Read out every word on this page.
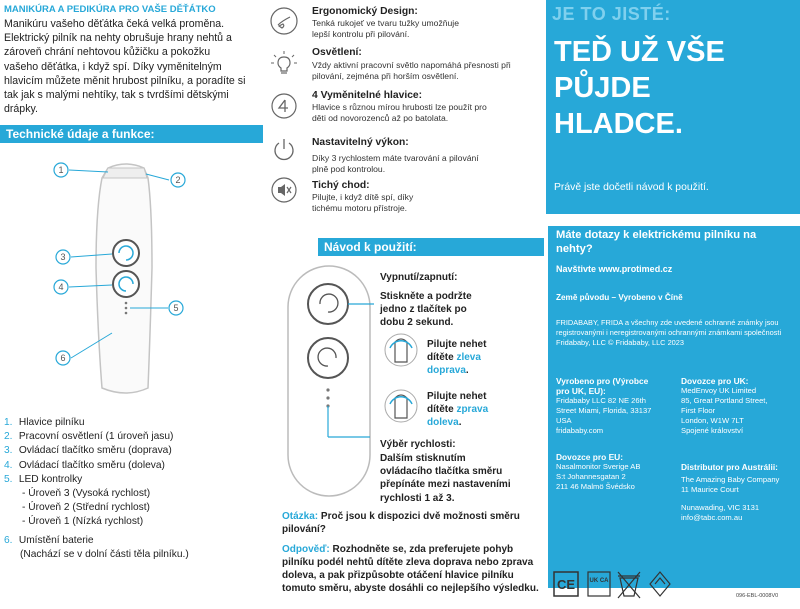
MANIKÚRA A PEDIKÚRA PRO VAŠE DĚŤÁTKO
Manikúru vašeho děťátka čeká velká proměna.
Elektrický pilník na nehty obrušuje hrany nehtů a
zároveň chrání nehtovou kůžičku a pokožku
vašeho děťátka, i když spí. Díky vyměnitelným
hlavicím můžete měnit hrubost pilníku, a poradíte si
tak jak s malými nehtíky, tak s tvrdšími dětskými
drápky.
Technické údaje a funkce:
1
2
3
4
5
6
1. Hlavice pilníku
2. Pracovní osvětlení (1 úroveň jasu)
3. Ovládací tlačítko směru (doprava)
4. Ovládací tlačítko směru (doleva)
5. LED kontrolky
- Úroveň 3 (Vysoká rychlost)
- Úroveň 2 (Střední rychlost)
- Úroveň 1 (Nízká rychlost)
6. Umístění baterie
(Nachází se v dolní části těla pilníku.)
Ergonomický Design:
Tenká rukojeť ve tvaru tužky umožňuje
lepší kontrolu při pilování.
Osvětlení:
Vždy aktivní pracovní světlo napomáhá přesnosti při
pilování, zejména při horším osvětlení.
4 Vyměnitelné hlavice:
Hlavice s různou mírou hrubosti lze použít pro
děti od novorozenců až po batolata.
Nastavitelný výkon:
Díky 3 rychlostem máte tvarování a pilování
plně pod kontrolou.
Tichý chod:
Pilujte, i když dítě spí, díky
tichému motoru přístroje.
Návod k použití:
Vypnutí/zapnutí:
Stiskněte a podržte
jedno z tlačítek po
dobu 2 sekund.
Pilujte nehet
dítěte zleva
doprava.
Pilujte nehet
dítěte zprava
doleva.
Výběr rychlosti:
Dalším stisknutím
ovládacího tlačítka směru
přepínáte mezi nastaveními
rychlosti 1 až 3.
Otázka: Proč jsou k dispozici dvě možnosti směru pilování?
Odpověď: Rozhodněte se, zda preferujete pohyb pilníku podél nehtů dítěte zleva doprava nebo zprava doleva, a pak přizpůsobte otáčení hlavice pilníku tomuto směru, abyste dosáhli co nejlepšího výsledku.
JE TO JISTÉ:
TEĎ UŽ VŠE
PŮJDE
HLADCE.
Právě jste dočetli návod k použití.
Máte dotazy k elektrickému pilníku na nehty?
Navštivte www.protimed.cz
Země původu – Vyrobeno v Číně
FRIDABABY, FRIDA a všechny zde uvedené ochranné známky jsou registrovanými i neregistrovanými ochrannými známkami společnosti Fridababy, LLC © Fridababy, LLC 2023
Vyrobeno pro (Výrobce
pro UK, EU):
Fridababy LLC 82 NE 26th
Street Miami, Florida, 33137
USA
fridababy.com
Dovozce pro UK:
MedEnvoy UK Limited
85, Great Portland Street,
First Floor
London, W1W 7LT
Spojené království
Dovozce pro EU:
Nasalmonitor Sverige AB
S:t Johannesgatan 2
211 46 Malmö Švédsko
Distributor pro Austrálii:
The Amazing Baby Company
11 Maurice Court
Nunawading, VIC 3131
info@tabc.com.au
CE UK CA
096-EBL-0008V0
